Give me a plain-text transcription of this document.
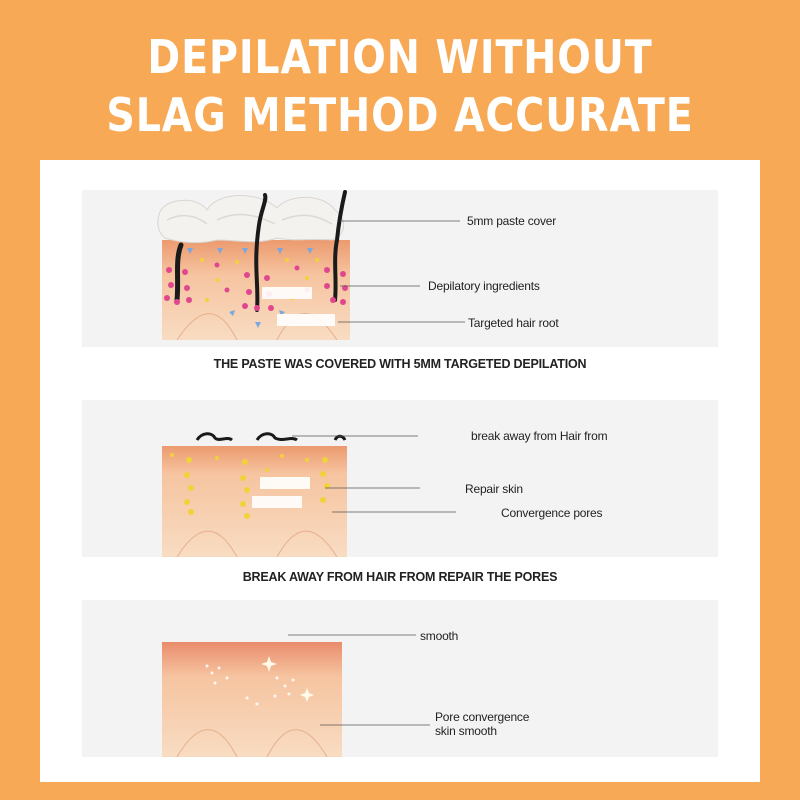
DEPILATION WITHOUT
SLAG METHOD ACCURATE
5mm paste cover
Depilatory ingredients
Targeted hair root
THE PASTE WAS COVERED WITH 5MM TARGETED DEPILATION
break away from Hair from
Repair skin
Convergence pores
BREAK AWAY FROM HAIR FROM REPAIR THE PORES
smooth
Pore convergence
skin smooth
